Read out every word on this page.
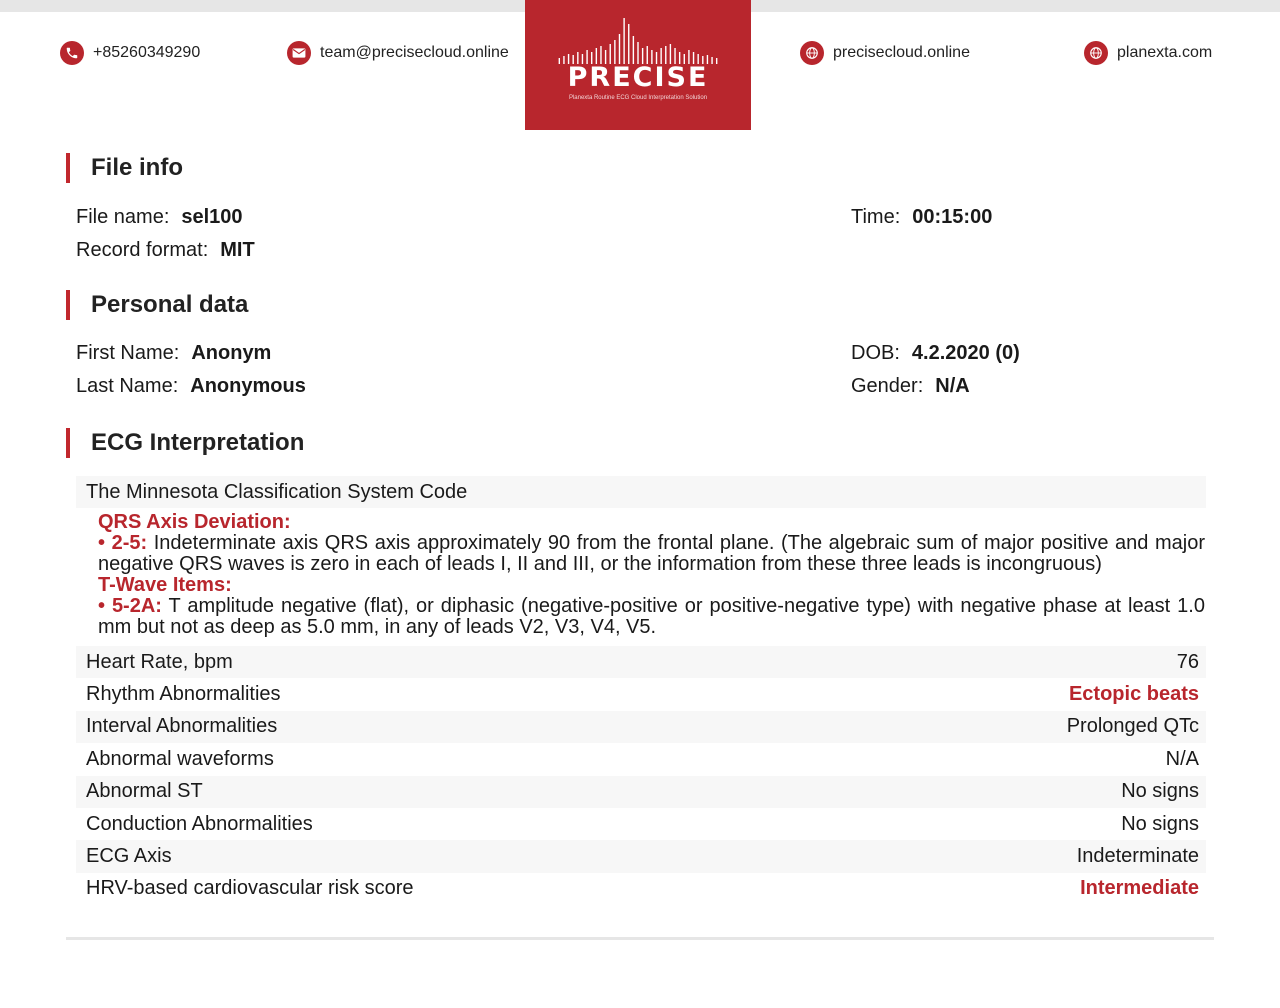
+85260349290	team@precisecloud.online	precisecloud.online	planexta.com
PRECISE
Planexta Routine ECG Cloud Interpretation Solution
File info
File name: sel100
Record format: MIT
Time: 00:15:00
Personal data
First Name: Anonym
Last Name: Anonymous
DOB: 4.2.2020 (0)
Gender: N/A
ECG Interpretation
The Minnesota Classification System Code
QRS Axis Deviation:

• 2-5: Indeterminate axis QRS axis approximately 90 from the frontal plane. (The algebraic sum of major positive and major negative QRS waves is zero in each of leads I, II and III, or the information from these three leads is incongruous)

T-Wave Items:

• 5-2A: T amplitude negative (flat), or diphasic (negative-positive or positive-negative type) with negative phase at least 1.0 mm but not as deep as 5.0 mm, in any of leads V2, V3, V4, V5.

Heart Rate, bpm	76
Rhythm Abnormalities	Ectopic beats
Interval Abnormalities	Prolonged QTc
Abnormal waveforms	N/A
Abnormal ST	No signs
Conduction Abnormalities	No signs
ECG Axis	Indeterminate
HRV-based cardiovascular risk score	Intermediate
